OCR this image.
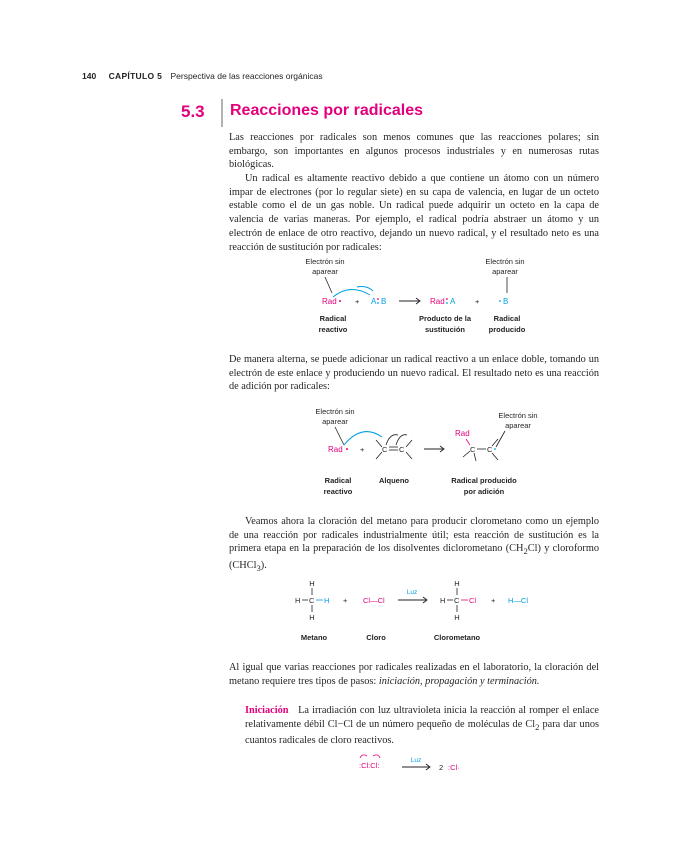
140 CAPÍTULO 5 Perspectiva de las reacciones orgánicas
5.3 Reacciones por radicales
Las reacciones por radicales son menos comunes que las reacciones polares; sin embargo, son importantes en algunos procesos industriales y en numerosas rutas biológicas.
Un radical es altamente reactivo debido a que contiene un átomo con un número impar de electrones (por lo regular siete) en su capa de valencia, en lugar de un octeto estable como el de un gas noble. Un radical puede adquirir un octeto en la capa de valencia de varias maneras. Por ejemplo, el radical podría abstraer un átomo y un electrón de enlace de otro reactivo, dejando un nuevo radical, y el resultado neto es una reacción de sustitución por radicales:
Electrón sin
aparear
Electrón sin
aparear
Rad + A B	Rad A	+	B
Radical
reactivo
Producto de la
sustitución
Radical
producido
De manera alterna, se puede adicionar un radical reactivo a un enlace doble, tomando un electrón de este enlace y produciendo un nuevo radical. El resultado neto es una reacción de adición por radicales:
Electrón sin
aparear
Electrón sin
aparear
Rad + C C
Rad
C C
Radical
reactivo
Alqueno	Radical producido
por adición
Veamos ahora la cloración del metano para producir clorometano como un ejemplo de una reacción por radicales industrialmente útil; esta reacción de sustitución es la primera etapa en la preparación de los disolventes diclorometano $(CH_2Cl)$ y cloroformo (CHCl$_3$).
H
H C H
H
+ Cl—Cl
Luz
H
H C Cl
H
+ H—Cl
Metano	Cloro	Clorometano
Al igual que varias reacciones por radicales realizadas en el laboratorio, la cloración del metano requiere tres tipos de pasos: iniciación, propagación y terminación.
Iniciación La irradiación con luz ultravioleta inicia la reacción al romper el enlace relativamente débil Cl−Cl de un número pequeño de moléculas de $Cl_2$ para dar unos cuantos radicales de cloro reactivos.
:Cl:Cl:
Luz
2 :Cl·
